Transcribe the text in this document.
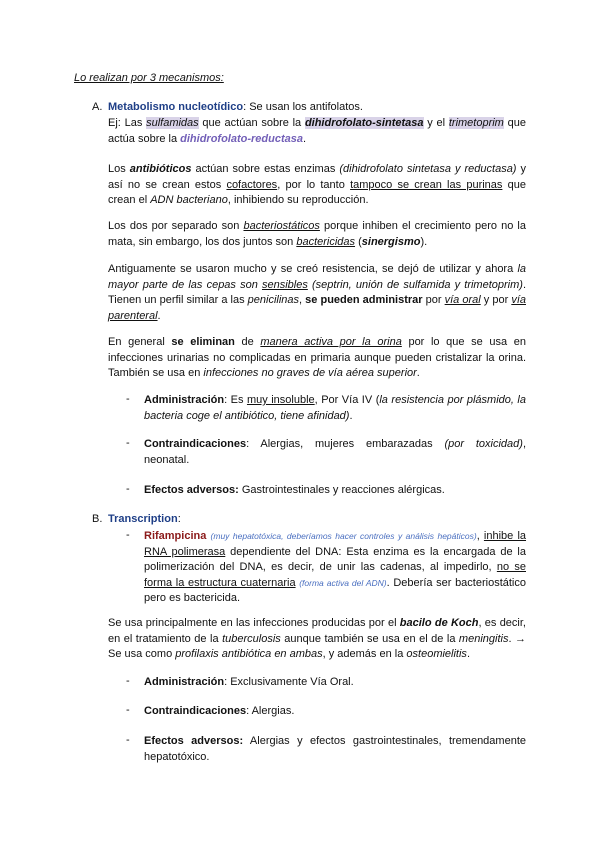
Lo realizan por 3 mecanismos:
A. Metabolismo nucleotídico: Se usan los antifolatos.
Ej: Las sulfamidas que actúan sobre la dihidrofolato-sintetasa y el trimetoprim que actúa sobre la dihidrofolato-reductasa.
Los antibióticos actúan sobre estas enzimas (dihidrofolato sintetasa y reductasa) y así no se crean estos cofactores, por lo tanto tampoco se crean las purinas que crean el ADN bacteriano, inhibiendo su reproducción.
Los dos por separado son bacteriostáticos porque inhiben el crecimiento pero no la mata, sin embargo, los dos juntos son bactericidas (sinergismo).
Antiguamente se usaron mucho y se creó resistencia, se dejó de utilizar y ahora la mayor parte de las cepas son sensibles (septrin, unión de sulfamida y trimetoprim). Tienen un perfil similar a las penicilinas, se pueden administrar por vía oral y por vía parenteral.
En general se eliminan de manera activa por la orina por lo que se usa en infecciones urinarias no complicadas en primaria aunque pueden cristalizar la orina. También se usa en infecciones no graves de vía aérea superior.
- Administración: Es muy insoluble, Por Vía IV (la resistencia por plásmido, la bacteria coge el antibiótico, tiene afinidad).
- Contraindicaciones: Alergias, mujeres embarazadas (por toxicidad), neonatal.
- Efectos adversos: Gastrointestinales y reacciones alérgicas.
B. Transcription:
- Rifampicina (muy hepatotóxica, deberíamos hacer controles y análisis hepáticos), inhibe la RNA polimerasa dependiente del DNA: Esta enzima es la encargada de la polimerización del DNA, es decir, de unir las cadenas, al impedirlo, no se forma la estructura cuaternaria (forma activa del ADN). Debería ser bacteriostático pero es bactericida.
Se usa principalmente en las infecciones producidas por el bacilo de Koch, es decir, en el tratamiento de la tuberculosis aunque también se usa en el de la meningitis. → Se usa como profilaxis antibiótica en ambas, y además en la osteomielitis.
- Administración: Exclusivamente Vía Oral.
- Contraindicaciones: Alergias.
- Efectos adversos: Alergias y efectos gastrointestinales, tremendamente hepatotóxico.
